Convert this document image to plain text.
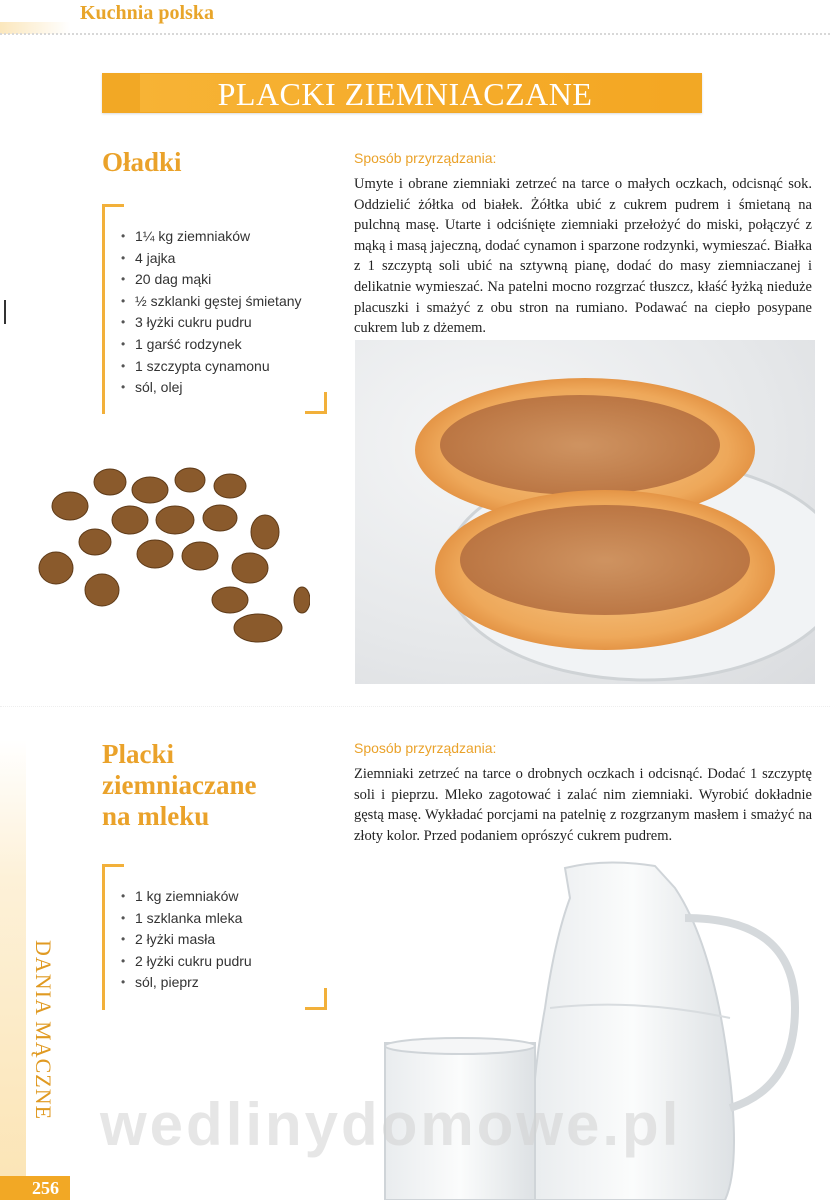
Kuchnia polska
PLACKI ZIEMNIACZANE
Oładki
• 1¼ kg ziemniaków
• 4 jajka
• 20 dag mąki
• ½ szklanki gęstej śmietany
• 3 łyżki cukru pudru
• 1 garść rodzynek
• 1 szczypta cynamonu
• sól, olej
Sposób przyrządzania:
Umyte i obrane ziemniaki zetrzeć na tarce o małych oczkach, odcisnąć sok. Oddzielić żółtka od białek. Żółtka ubić z cukrem pudrem i śmietaną na pulchną masę. Utarte i odciśnięte ziemniaki przełożyć do miski, połączyć z mąką i masą jajeczną, dodać cynamon i sparzone rodzynki, wymieszać. Białka z 1 szczyptą soli ubić na sztywną pianę, dodać do masy ziemniaczanej i delikatnie wymieszać. Na patelni mocno rozgrzać tłuszcz, kłaść łyżką nieduże placuszki i smażyć z obu stron na rumiano. Podawać na ciepło posypane cukrem lub z dżemem.
Placki
ziemniaczane
na mleku
• 1 kg ziemniaków
• 1 szklanka mleka
• 2 łyżki masła
• 2 łyżki cukru pudru
• sól, pieprz
Sposób przyrządzania:
Ziemniaki zetrzeć na tarce o drobnych oczkach i odcisnąć. Dodać 1 szczyptę soli i pieprzu. Mleko zagotować i zalać nim ziemniaki. Wyrobić dokładnie gęstą masę. Wykładać porcjami na patelnię z rozgrzanym masłem i smażyć na złoty kolor. Przed podaniem oprószyć cukrem pudrem.
wedlinydomowe.pl
DANIA MĄCZNE
256
